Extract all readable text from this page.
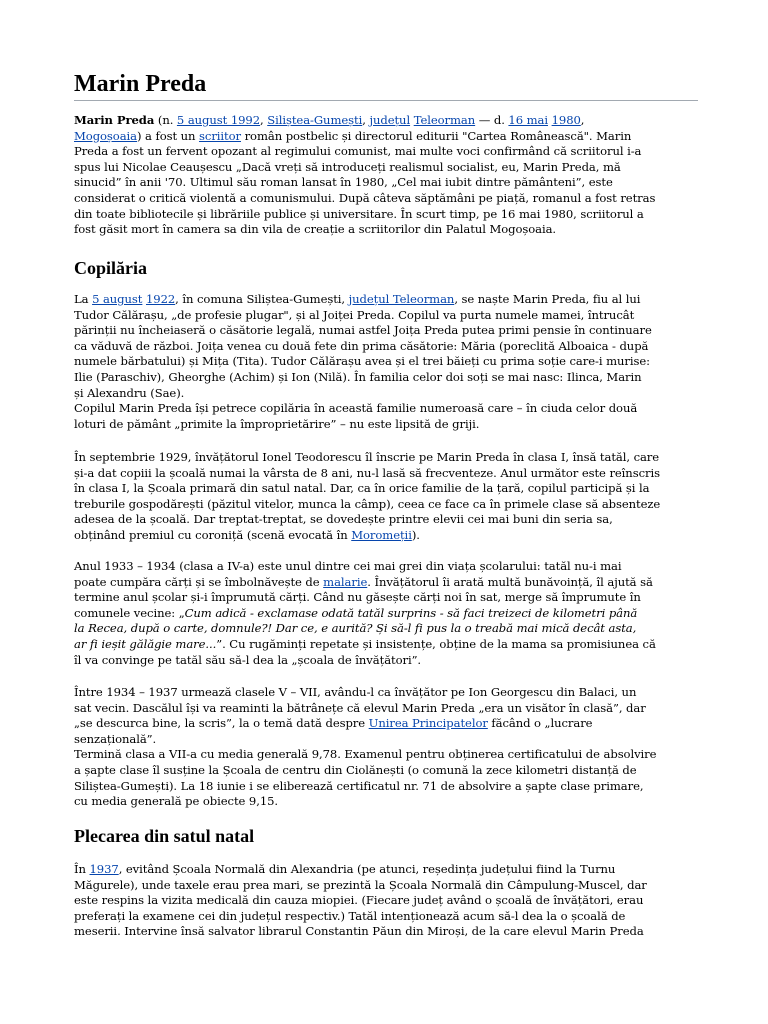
Marin Preda
Marin Preda (n. 5 august 1992, Siliștea-Gumești, județul Teleorman — d. 16 mai 1980,
Mogoșoaia) a fost un scriitor român postbelic și directorul editurii "Cartea Românească". Marin
Preda a fost un fervent opozant al regimului comunist, mai multe voci confirmând că scriitorul i-a
spus lui Nicolae Ceaușescu „Dacă vreți să introduceți realismul socialist, eu, Marin Preda, mă
sinucid” în anii '70. Ultimul său roman lansat în 1980, „Cel mai iubit dintre pământeni”, este
considerat o critică violentă a comunismului. După câteva săptămâni pe piață, romanul a fost retras
din toate bibliotecile și librăriile publice și universitare. În scurt timp, pe 16 mai 1980, scriitorul a
fost găsit mort în camera sa din vila de creație a scriitorilor din Palatul Mogoșoaia.
Copilăria
La 5 august 1922, în comuna Siliștea-Gumești, județul Teleorman, se naște Marin Preda, fiu al lui
Tudor Călărașu, „de profesie plugar", și al Joiței Preda. Copilul va purta numele mamei, întrucât
părinții nu încheiaseră o căsătorie legală, numai astfel Joița Preda putea primi pensie în continuare
ca văduvă de război. Joița venea cu două fete din prima căsătorie: Măria (poreclită Alboaica - după
numele bărbatului) și Mița (Tita). Tudor Călărașu avea și el trei băieți cu prima soție care-i murise:
Ilie (Paraschiv), Gheorghe (Achim) și Ion (Nilă). În familia celor doi soți se mai nasc: Ilinca, Marin
și Alexandru (Sae).
Copilul Marin Preda își petrece copilăria în această familie numeroasă care – în ciuda celor două
loturi de pământ „primite la împroprietărire” – nu este lipsită de griji.
În septembrie 1929, învățătorul Ionel Teodorescu îl înscrie pe Marin Preda în clasa I, însă tatăl, care
și-a dat copiii la școală numai la vârsta de 8 ani, nu-l lasă să frecventeze. Anul următor este reînscris
în clasa I, la Școala primară din satul natal. Dar, ca în orice familie de la țară, copilul participă și la
treburile gospodărești (păzitul vitelor, munca la câmp), ceea ce face ca în primele clase să absenteze
adesea de la școală. Dar treptat-treptat, se dovedește printre elevii cei mai buni din seria sa,
obținând premiul cu coroniță (scenă evocată în Moromeții).
Anul 1933 – 1934 (clasa a IV-a) este unul dintre cei mai grei din viața școlarului: tatăl nu-i mai
poate cumpăra cărți și se îmbolnăvește de malarie. Învățătorul îi arată multă bunăvoință, îl ajută să
termine anul școlar și-i împrumută cărți. Când nu găsește cărți noi în sat, merge să împrumute în
comunele vecine: „Cum adică - exclamase odată tatăl surprins - să faci treizeci de kilometri până
la Recea, după o carte, domnule?! Dar ce, e aurită? Și să-l fi pus la o treabă mai mică decât asta,
ar fi ieșit gălăgie mare...”. Cu rugăminți repetate și insistențe, obține de la mama sa promisiunea că
îl va convinge pe tatăl său să-l dea la „școala de învățători”.
Între 1934 – 1937 urmează clasele V – VII, avându-l ca învățător pe Ion Georgescu din Balaci, un
sat vecin. Dascălul își va reaminti la bătrânețe că elevul Marin Preda „era un visător în clasă”, dar
„se descurca bine, la scris”, la o temă dată despre Unirea Principatelor făcând o „lucrare
senzațională”.
Termină clasa a VII-a cu media generală 9,78. Examenul pentru obținerea certificatului de absolvire
a șapte clase îl susține la Școala de centru din Ciolănești (o comună la zece kilometri distanță de
Siliștea-Gumești). La 18 iunie i se eliberează certificatul nr. 71 de absolvire a șapte clase primare,
cu media generală pe obiecte 9,15.
Plecarea din satul natal
În 1937, evitând Școala Normală din Alexandria (pe atunci, reședința județului fiind la Turnu
Măgurele), unde taxele erau prea mari, se prezintă la Școala Normală din Câmpulung-Muscel, dar
este respins la vizita medicală din cauza miopiei. (Fiecare județ având o școală de învățători, erau
preferați la examene cei din județul respectiv.) Tatăl intenționează acum să-l dea la o școală de
meserii. Intervine însă salvator librarul Constantin Păun din Miroși, de la care elevul Marin Preda
